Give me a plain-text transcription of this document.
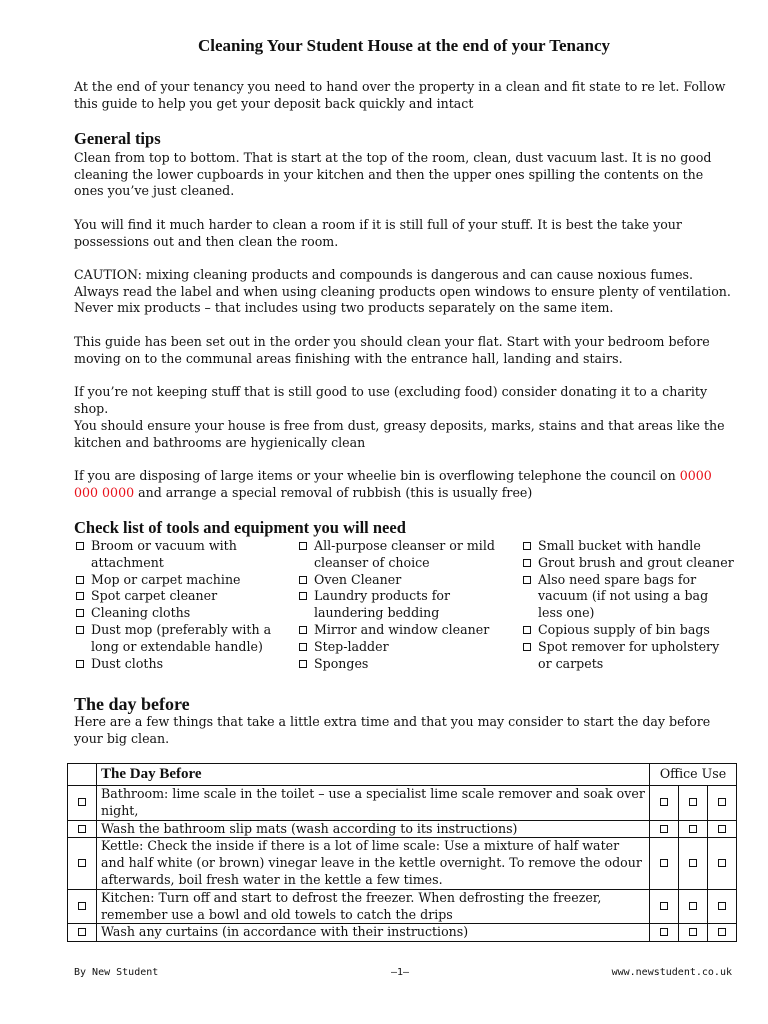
Cleaning Your Student House at the end of your Tenancy
At the end of your tenancy you need to hand over the property in a clean and fit state to re let. Follow this guide to help you get your deposit back quickly and intact
General tips
Clean from top to bottom. That is start at the top of the room, clean, dust vacuum last. It is no good cleaning the lower cupboards in your kitchen and then the upper ones spilling the contents on the ones you’ve just cleaned.
You will find it much harder to clean a room if it is still full of your stuff. It is best the take your possessions out and then clean the room.
CAUTION: mixing cleaning products and compounds is dangerous and can cause noxious fumes. Always read the label and when using cleaning products open windows to ensure plenty of ventilation. Never mix products – that includes using two products separately on the same item.
This guide has been set out in the order you should clean your flat. Start with your bedroom before moving on to the communal areas finishing with the entrance hall, landing and stairs.
If you’re not keeping stuff that is still good to use (excluding food) consider donating it to a charity shop.
You should ensure your house is free from dust, greasy deposits, marks, stains and that areas like the kitchen and bathrooms are hygienically clean
If you are disposing of large items or your wheelie bin is overflowing telephone the council on 0000 000 0000 and arrange a special removal of rubbish (this is usually free)
Check list of tools and equipment you will need
Broom or vacuum with attachment
Mop or carpet machine
Spot carpet cleaner
Cleaning cloths
Dust mop (preferably with a long or extendable handle)
Dust cloths
All-purpose cleanser or mild cleanser of choice
Oven Cleaner
Laundry products for laundering bedding
Mirror and window cleaner
Step-ladder
Sponges
Small bucket with handle
Grout brush and grout cleaner
Also need spare bags for vacuum (if not using a bag less one)
Copious supply of bin bags
Spot remover for upholstery or carpets
The day before
Here are a few things that take a little extra time and that you may consider to start the day before your big clean.
	The Day Before	Office Use		
	Bathroom: lime scale in the toilet – use a specialist lime scale remover and soak over night,			
	Wash the bathroom slip mats (wash according to its instructions)			
	Kettle: Check the inside if there is a lot of lime scale: Use a mixture of half water and half white (or brown) vinegar leave in the kettle overnight. To remove the odour afterwards, boil fresh water in the kettle a few times.			
	Kitchen: Turn off and start to defrost the freezer. When defrosting the freezer, remember use a bowl and old towels to catch the drips			
	Wash any curtains (in accordance with their instructions)			
By New Student	—1—	www.newstudent.co.uk
